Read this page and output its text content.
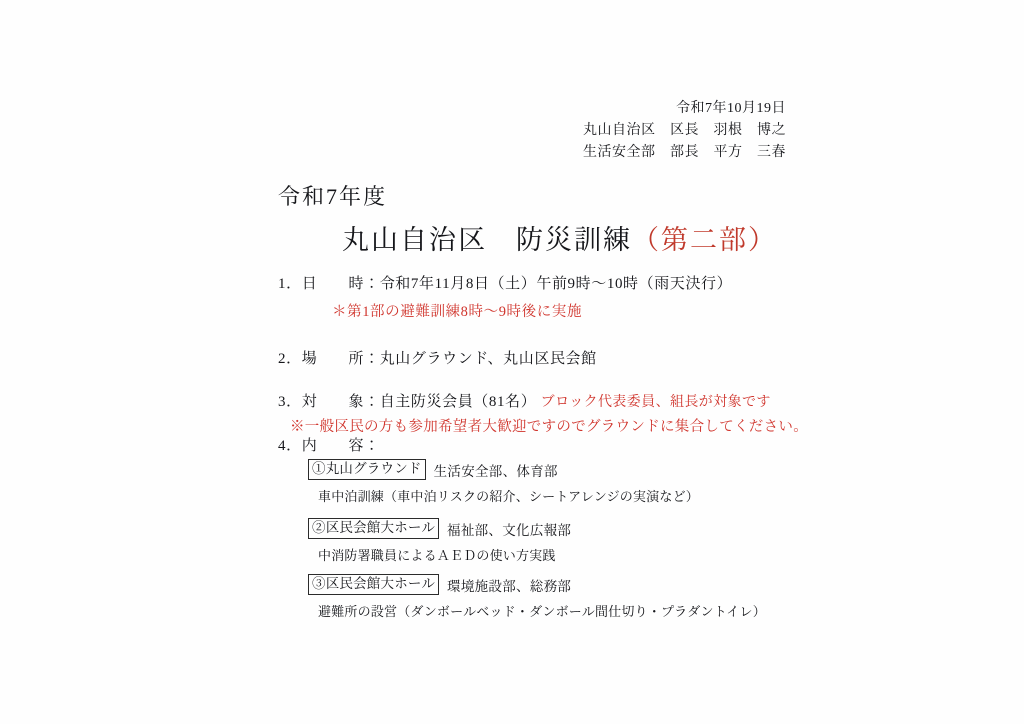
令和7年10月19日
丸山自治区　区長　羽根　博之
生活安全部　部長　平方　三春
令和7年度
丸山自治区　防災訓練（第二部）
1．日　　時：令和7年11月8日（土）午前9時〜10時（雨天決行）
＊第1部の避難訓練8時〜9時後に実施
2．場　　所：丸山グラウンド、丸山区民会館
3．対　　象：自主防災会員（81名） ブロック代表委員、組長が対象です
※一般区民の方も参加希望者大歓迎ですのでグラウンドに集合してください。
4．内　　容：
①丸山グラウンド 生活安全部、体育部
車中泊訓練（車中泊リスクの紹介、シートアレンジの実演など）
②区民会館大ホール 福祉部、文化広報部
中消防署職員によるＡＥＤの使い方実践
③区民会館大ホール 環境施設部、総務部
避難所の設営（ダンボールベッド・ダンボール間仕切り・プラダントイレ）
